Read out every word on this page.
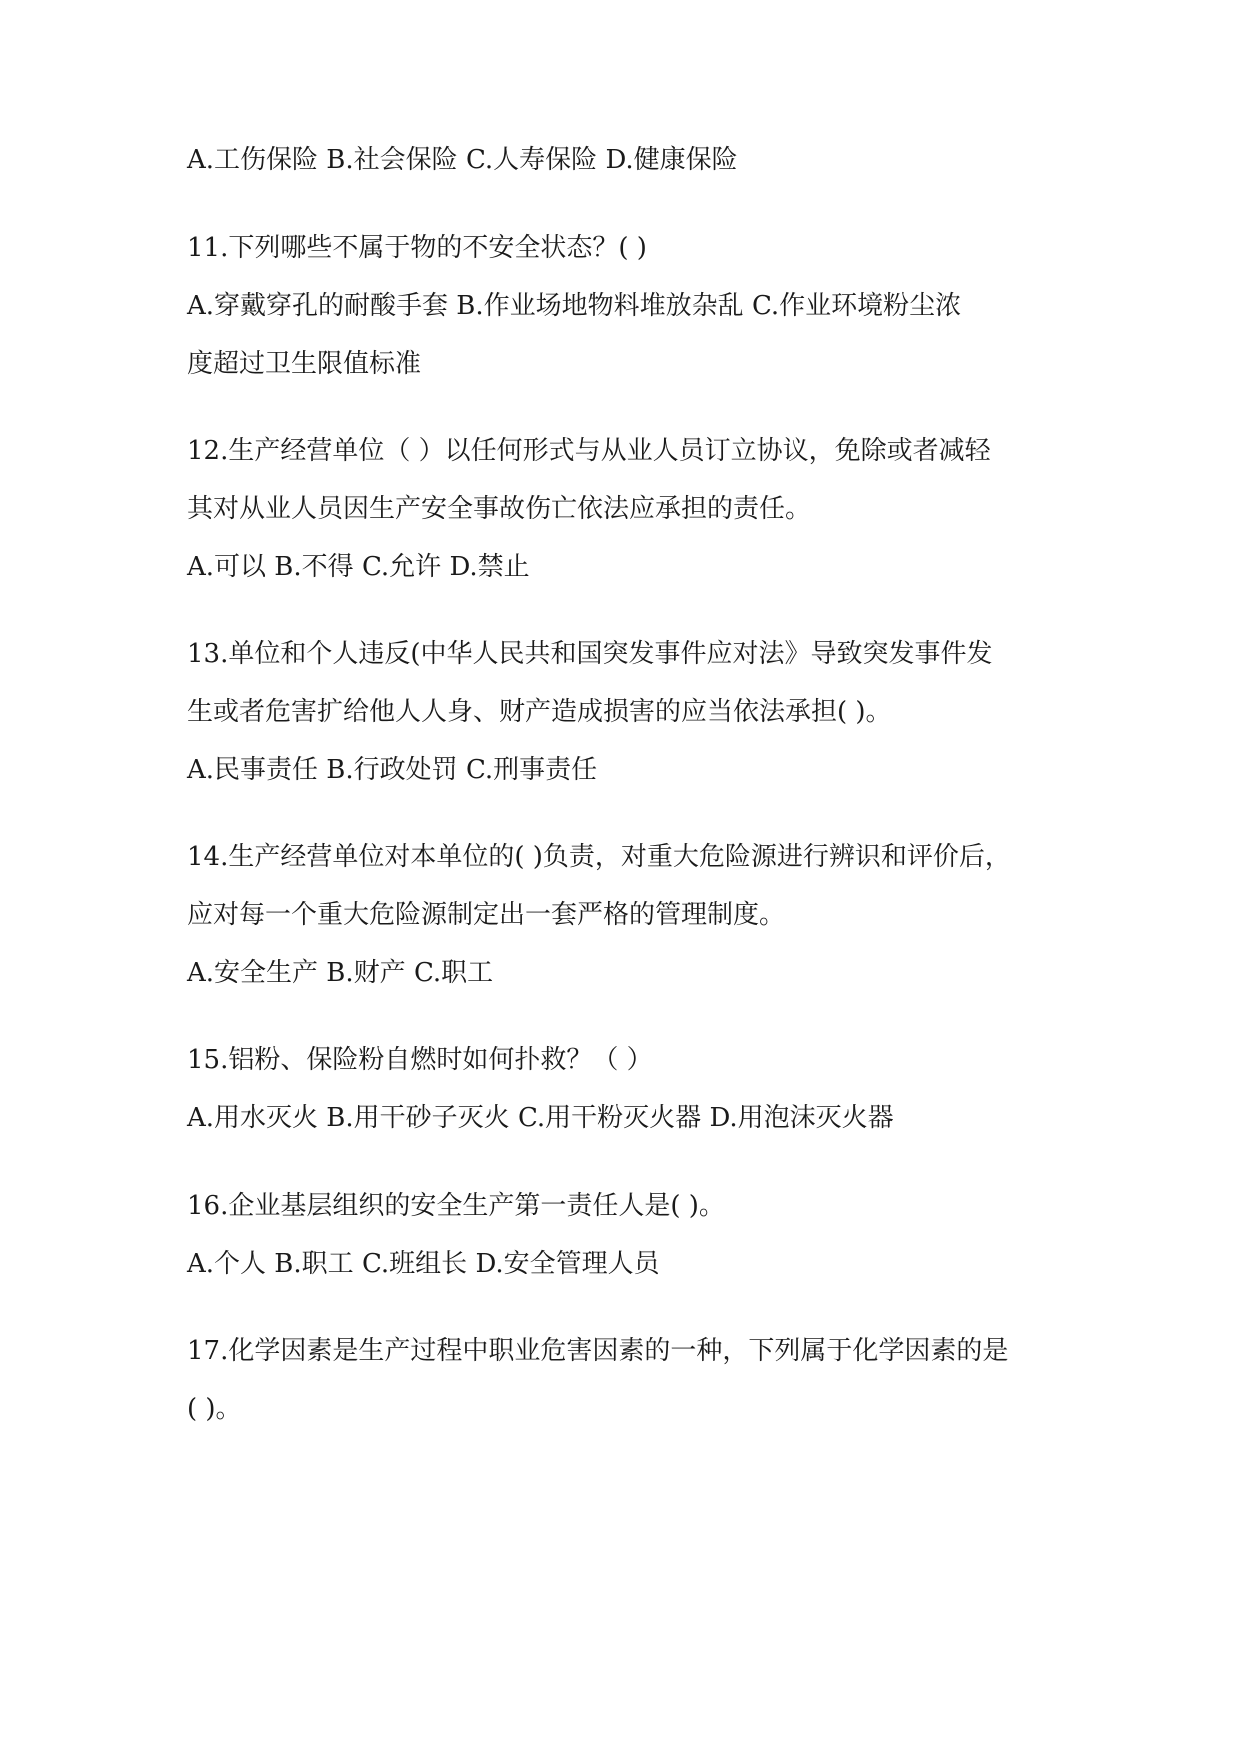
A.工伤保险 B.社会保险 C.人寿保险 D.健康保险
11.下列哪些不属于物的不安全状态？( )
A.穿戴穿孔的耐酸手套 B.作业场地物料堆放杂乱 C.作业环境粉尘浓
度超过卫生限值标准
12.生产经营单位（ ）以任何形式与从业人员订立协议，免除或者减轻
其对从业人员因生产安全事故伤亡依法应承担的责任。
A.可以 B.不得 C.允许 D.禁止
13.单位和个人违反(中华人民共和国突发事件应对法》导致突发事件发
生或者危害扩给他人人身、财产造成损害的应当依法承担( )。
A.民事责任 B.行政处罚 C.刑事责任
14.生产经营单位对本单位的( )负责，对重大危险源进行辨识和评价后，
应对每一个重大危险源制定出一套严格的管理制度。
A.安全生产 B.财产 C.职工
15.铝粉、保险粉自燃时如何扑救？（ ）
A.用水灭火 B.用干砂子灭火 C.用干粉灭火器 D.用泡沫灭火器
16.企业基层组织的安全生产第一责任人是( )。
A.个人 B.职工 C.班组长 D.安全管理人员
17.化学因素是生产过程中职业危害因素的一种，下列属于化学因素的是
( )。
